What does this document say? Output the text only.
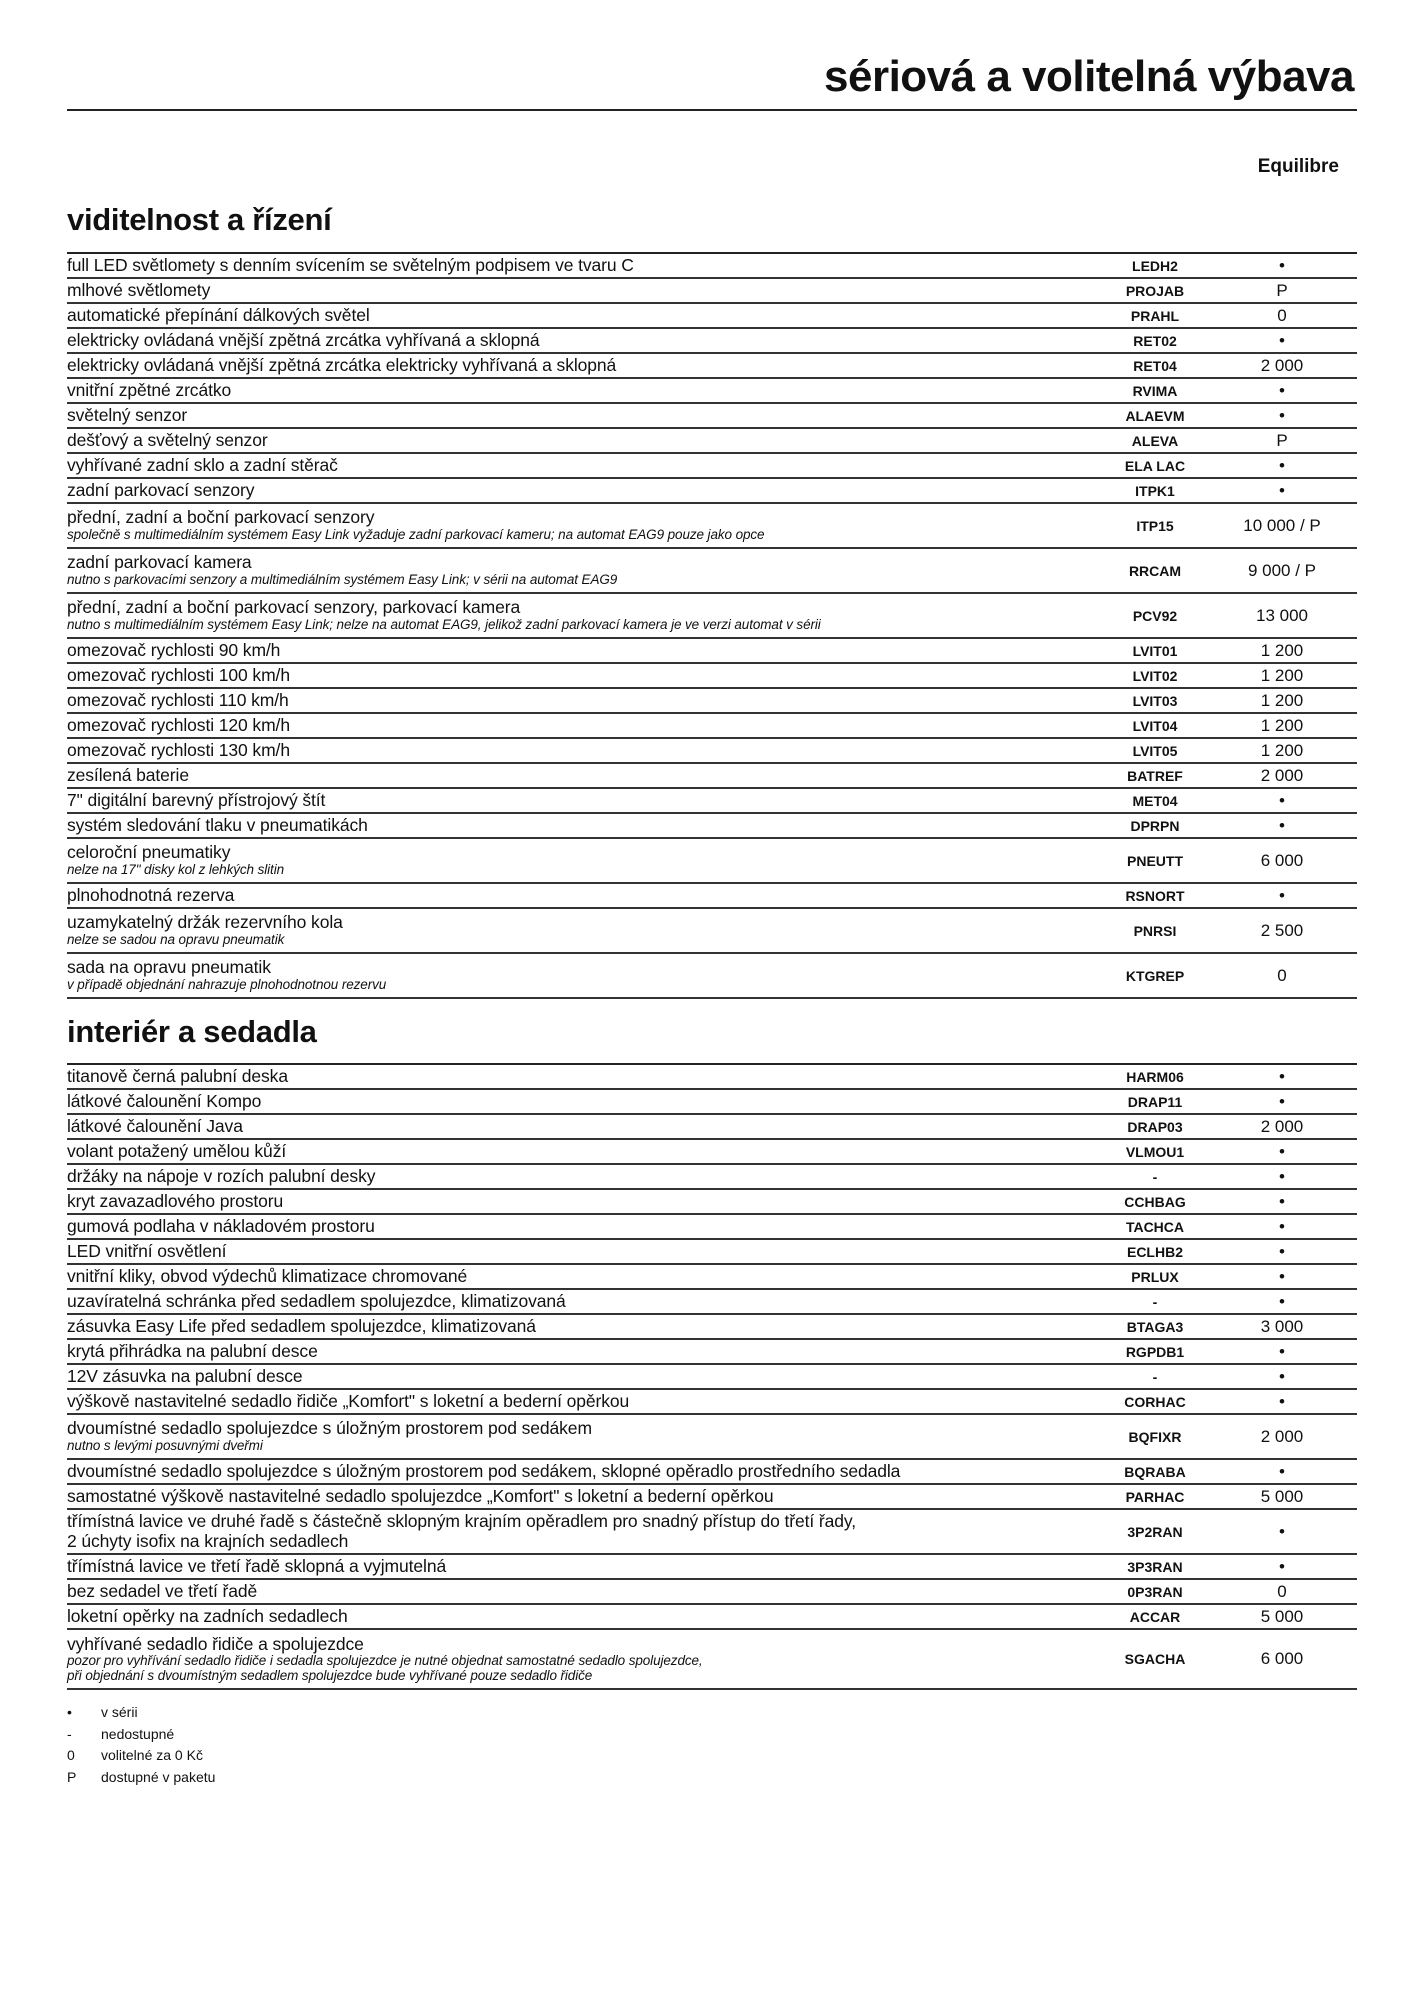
sériová a volitelná výbava
Equilibre
viditelnost a řízení
full LED světlomety s denním svícením se světelným podpisem ve tvaru C	LEDH2	•
mlhové světlomety	PROJAB	P
automatické přepínání dálkových světel	PRAHL	0
elektricky ovládaná vnější zpětná zrcátka vyhřívaná a sklopná	RET02	•
elektricky ovládaná vnější zpětná zrcátka elektricky vyhřívaná a sklopná	RET04	2 000
vnitřní zpětné zrcátko	RVIMA	•
světelný senzor	ALAEVM	•
dešťový a světelný senzor	ALEVA	P
vyhřívané zadní sklo a zadní stěrač	ELA LAC	•
zadní parkovací senzory	ITPK1	•
přední, zadní a boční parkovací senzory
společně s multimediálním systémem Easy Link vyžaduje zadní parkovací kameru; na automat EAG9 pouze jako opce
ITP15	10 000 / P
zadní parkovací kamera
nutno s parkovacími senzory a multimediálním systémem Easy Link; v sérii na automat EAG9
RRCAM	9 000 / P
přední, zadní a boční parkovací senzory, parkovací kamera
nutno s multimediálním systémem Easy Link; nelze na automat EAG9, jelikož zadní parkovací kamera je ve verzi automat v sérii
PCV92	13 000
omezovač rychlosti 90 km/h	LVIT01	1 200
omezovač rychlosti 100 km/h	LVIT02	1 200
omezovač rychlosti 110 km/h	LVIT03	1 200
omezovač rychlosti 120 km/h	LVIT04	1 200
omezovač rychlosti 130 km/h	LVIT05	1 200
zesílená baterie	BATREF	2 000
7" digitální barevný přístrojový štít	MET04	•
systém sledování tlaku v pneumatikách	DPRPN	•
celoroční pneumatiky
nelze na 17" disky kol z lehkých slitin
PNEUTT	6 000
plnohodnotná rezerva	RSNORT	•
uzamykatelný držák rezervního kola
nelze se sadou na opravu pneumatik
PNRSI	2 500
sada na opravu pneumatik
v případě objednání nahrazuje plnohodnotnou rezervu
KTGREP	0
interiér a sedadla
titanově černá palubní deska	HARM06	•
látkové čalounění Kompo	DRAP11	•
látkové čalounění Java	DRAP03	2 000
volant potažený umělou kůží	VLMOU1	•
držáky na nápoje v rozích palubní desky	-	•
kryt zavazadlového prostoru	CCHBAG	•
gumová podlaha v nákladovém prostoru	TACHCA	•
LED vnitřní osvětlení	ECLHB2	•
vnitřní kliky, obvod výdechů klimatizace chromované	PRLUX	•
uzavíratelná schránka před sedadlem spolujezdce, klimatizovaná	-	•
zásuvka Easy Life před sedadlem spolujezdce, klimatizovaná	BTAGA3	3 000
krytá přihrádka na palubní desce	RGPDB1	•
12V zásuvka na palubní desce	-	•
výškově nastavitelné sedadlo řidiče „Komfort" s loketní a bederní opěrkou	CORHAC	•
dvoumístné sedadlo spolujezdce s úložným prostorem pod sedákem
nutno s levými posuvnými dveřmi
BQFIXR	2 000
dvoumístné sedadlo spolujezdce s úložným prostorem pod sedákem, sklopné opěradlo prostředního sedadla	BQRABA	•
samostatné výškově nastavitelné sedadlo spolujezdce „Komfort" s loketní a bederní opěrkou	PARHAC	5 000
třímístná lavice ve druhé řadě s částečně sklopným krajním opěradlem pro snadný přístup do třetí řady,
2 úchyty isofix na krajních sedadlech	3P2RAN	•
třímístná lavice ve třetí řadě sklopná a vyjmutelná	3P3RAN	•
bez sedadel ve třetí řadě	0P3RAN	0
loketní opěrky na zadních sedadlech	ACCAR	5 000
vyhřívané sedadlo řidiče a spolujezdce
pozor pro vyhřívání sedadlo řidiče i sedadla spolujezdce je nutné objednat samostatné sedadlo spolujezdce,
při objednání s dvoumístným sedadlem spolujezdce bude vyhřívané pouze sedadlo řidiče
SGACHA	6 000
•	v sérii
-	nedostupné
0	volitelné za 0 Kč
P	dostupné v paketu
